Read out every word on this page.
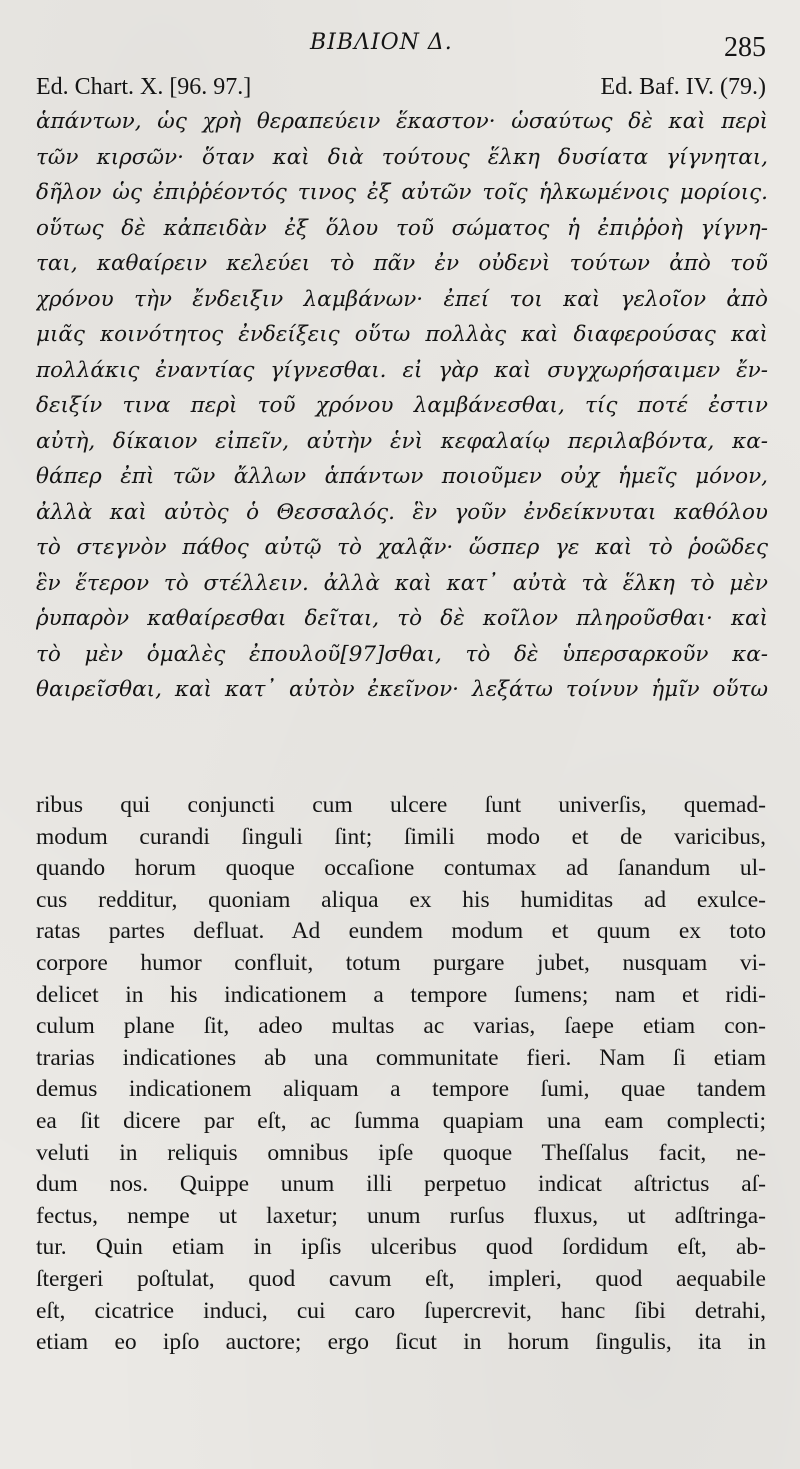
BIBΛION Δ.	285
Ed. Chart. X. [96. 97.]	Ed. Baf. IV. (79.)
ἁπάντων, ὡς χρὴ θεραπεύειν ἕκαστον· ὡσαύτως δὲ καὶ περὶ
τῶν κιρσῶν· ὅταν καὶ διὰ τούτους ἕλκη δυσίατα γίγνηται,
δῆλον ὡς ἐπιῤῥέοντός τινος ἐξ αὐτῶν τοῖς ἡλκωμένοις μορίοις.
οὕτως δὲ κἀπειδὰν ἐξ ὅλου τοῦ σώματος ἡ ἐπιῤῥοὴ γίγνη-
ται, καθαίρειν κελεύει τὸ πᾶν ἐν οὐδενὶ τούτων ἀπὸ τοῦ
χρόνου τὴν ἔνδειξιν λαμβάνων· ἐπεί τοι καὶ γελοῖον ἀπὸ
μιᾶς κοινότητος ἐνδείξεις οὕτω πολλὰς καὶ διαφερούσας καὶ
πολλάκις ἐναντίας γίγνεσθαι. εἰ γὰρ καὶ συγχωρήσαιμεν ἔν-
δειξίν τινα περὶ τοῦ χρόνου λαμβάνεσθαι, τίς ποτέ ἐστιν
αὐτὴ, δίκαιον εἰπεῖν, αὐτὴν ἑνὶ κεφαλαίῳ περιλαβόντα, κα-
θάπερ ἐπὶ τῶν ἄλλων ἁπάντων ποιοῦμεν οὐχ ἡμεῖς μόνον,
ἀλλὰ καὶ αὐτὸς ὁ Θεσσαλός. ἓν γοῦν ἐνδείκνυται καθόλου
τὸ στεγνὸν πάθος αὐτῷ τὸ χαλᾷν· ὥσπερ γε καὶ τὸ ῥοῶδες
ἓν ἕτερον τὸ στέλλειν. ἀλλὰ καὶ κατ᾽ αὐτὰ τὰ ἕλκη τὸ μὲν
ῥυπαρὸν καθαίρεσθαι δεῖται, τὸ δὲ κοῖλον πληροῦσθαι· καὶ
τὸ μὲν ὁμαλὲς ἐπουλοῦ[97]σθαι, τὸ δὲ ὑπερσαρκοῦν κα-
θαιρεῖσθαι, καὶ κατ᾽ αὐτὸν ἐκεῖνον· λεξάτω τοίνυν ἡμῖν οὕτω
ribus qui conjuncti cum ulcere ſunt univerſis, quemad-
modum curandi ſinguli ſint; ſimili modo et de varicibus,
quando horum quoque occaſione contumax ad ſanandum ul-
cus redditur, quoniam aliqua ex his humiditas ad exulce-
ratas partes defluat. Ad eundem modum et quum ex toto
corpore humor confluit, totum purgare jubet, nusquam vi-
delicet in his indicationem a tempore ſumens; nam et ridi-
culum plane ſit, adeo multas ac varias, ſaepe etiam con-
trarias indicationes ab una communitate fieri. Nam ſi etiam
demus indicationem aliquam a tempore ſumi, quae tandem
ea ſit dicere par eſt, ac ſumma quapiam una eam complecti;
veluti in reliquis omnibus ipſe quoque Theſſalus facit, ne-
dum nos. Quippe unum illi perpetuo indicat aſtrictus aſ-
fectus, nempe ut laxetur; unum rurſus fluxus, ut adſtringa-
tur. Quin etiam in ipſis ulceribus quod ſordidum eſt, ab-
ſtergeri poſtulat, quod cavum eſt, impleri, quod aequabile
eſt, cicatrice induci, cui caro ſupercrevit, hanc ſibi detrahi,
etiam eo ipſo auctore; ergo ſicut in horum ſingulis, ita in
